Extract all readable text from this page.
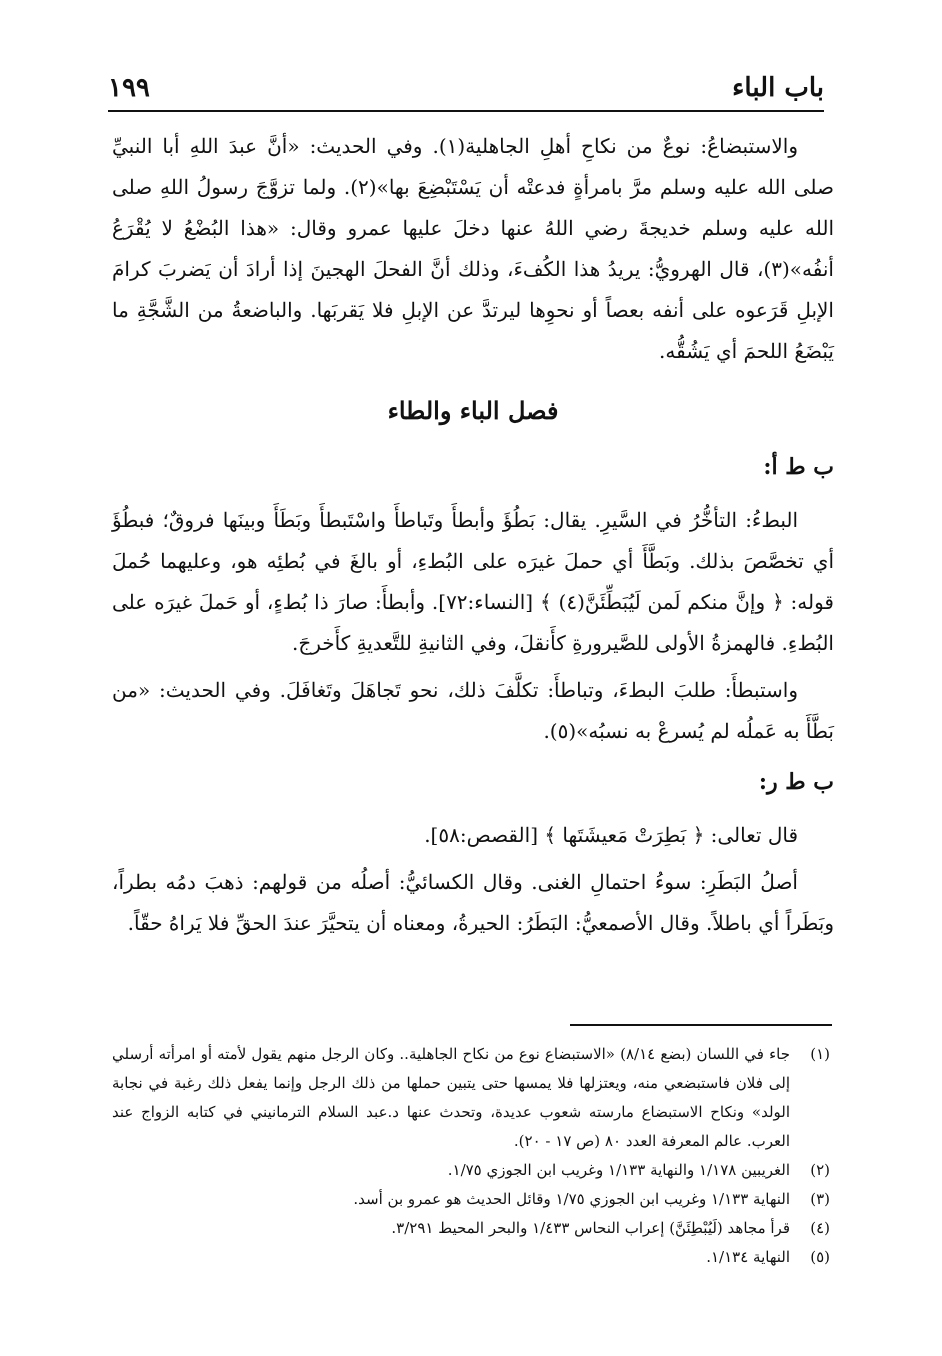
١٩٩	باب الباء

والاستبضاعُ: نوعٌ من نكاحِ أهلِ الجاهلية(١). وفي الحديث: «أنَّ عبدَ اللهِ أبا النبيِّ صلى الله عليه وسلم مرَّ بامرأةٍ فدعتْه أن يَسْتَبْضِعَ بها»(٢). ولما تزوَّجَ رسولُ اللهِ صلى الله عليه وسلم خديجةَ رضي اللهُ عنها دخلَ عليها عمرو وقال: «هذا البُضْعُ لا يُقْرَعُ أنفُه»(٣)، قال الهرويُّ: يريدُ هذا الكُفءَ، وذلك أنَّ الفحلَ الهجينَ إذا أرادَ أن يَضربَ كرامَ الإبلِ قَرَعوه على أنفه بعصاً أو نحوِها ليرتدَّ عن الإبلِ فلا يَقربَها. والباضعةُ من الشَّجَّةِ ما يَبْضَعُ اللحمَ أي يَشُقُّه.

فصل الباء والطاء
ب ط أ:

البطءُ: التأخُّرُ في السَّيرِ. يقال: بَطُؤَ وأبطأَ وتَباطأَ واسْتَبطأَ وبَطَأَ وبينَها فروقٌ؛ فبطُؤَ أي تخصَّصَ بذلك. وبَطَّأَ أي حملَ غيرَه على البُطءِ، أو بالغَ في بُطئِه هو، وعليهما حُملَ قوله: ﴿ وإنَّ منكم لَمن لَيُبَطِّئَنَّ(٤) ﴾ [النساء:٧٢]. وأبطأَ: صارَ ذا بُطءٍ، أو حَملَ غيرَه على البُطءِ. فالهمزةُ الأولى للصَّيرورةِ كأَنقلَ، وفي الثانيةِ للتَّعديةِ كأَخرجَ.

واستبطأَ: طلبَ البطءَ، وتباطأَ: تكلَّفَ ذلك، نحو تَجاهَلَ وتَغافَلَ. وفي الحديث: «من بَطَّأَ به عَملُه لم يُسرعْ به نسبُه»(٥).

ب ط ر:

قال تعالى: ﴿ بَطِرَتْ مَعيشَتَها ﴾ [القصص:٥٨].

أصلُ البَطَرِ: سوءُ احتمالِ الغنى. وقال الكسائيُّ: أصلُه من قولهم: ذهبَ دمُه بطراً، وبَطَراً أي باطلاً. وقال الأصمعيُّ: البَطَرُ: الحيرةُ، ومعناه أن يتحيَّرَ عندَ الحقِّ فلا يَراهُ حقّاً.

(١)
جاء في اللسان (بضع ٨/١٤) «الاستبضاع نوع من نكاح الجاهلية.. وكان الرجل منهم يقول لأمته أو امرأته أرسلي إلى فلان فاستبضعي منه، ويعتزلها فلا يمسها حتى يتبين حملها من ذلك الرجل وإنما يفعل ذلك رغبة في نجابة الولد» ونكاح الاستبضاع مارسته شعوب عديدة، وتحدث عنها د.عبد السلام الترمانيني في كتابه الزواج عند العرب. عالم المعرفة العدد ٨٠ (ص ١٧ - ٢٠).
(٢)
الغريبين ١/١٧٨ والنهاية ١/١٣٣ وغريب ابن الجوزي ١/٧٥.
(٣)
النهاية ١/١٣٣ وغريب ابن الجوزي ١/٧٥ وقائل الحديث هو عمرو بن أسد.
(٤)
قرأ مجاهد (لَيُبْطِئَنَّ) إعراب النحاس ١/٤٣٣ والبحر المحيط ٣/٢٩١.
(٥)
النهاية ١/١٣٤.
